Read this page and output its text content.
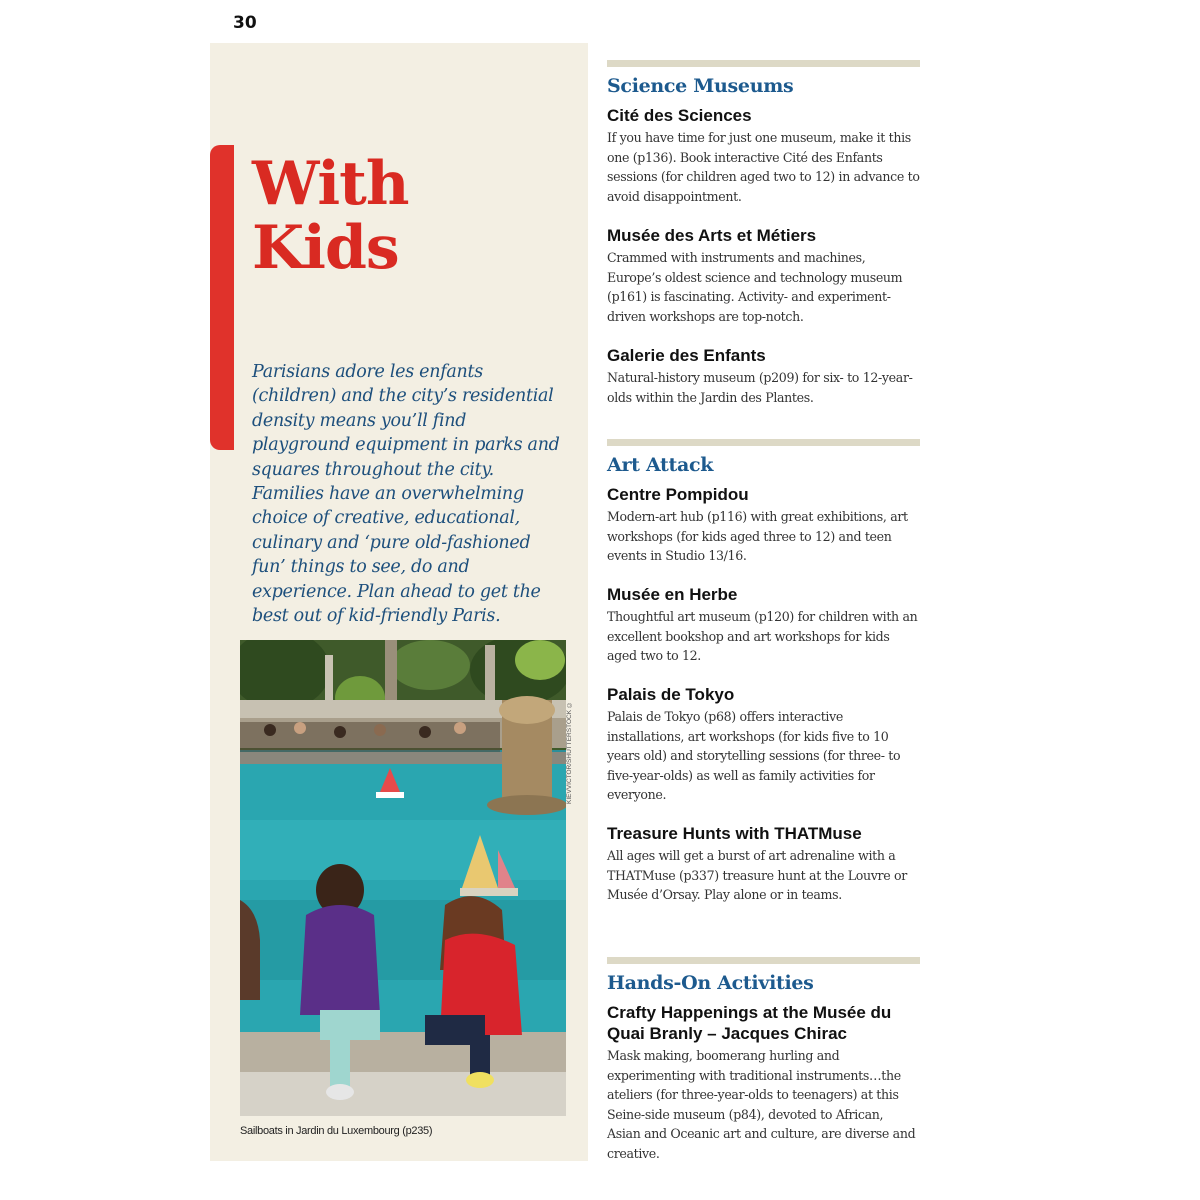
30
With
Kids

Parisians adore les enfants (children) and the city’s residential density means you’ll find playground equipment in parks and squares throughout the city. Families have an overwhelming choice of creative, educational, culinary and ‘pure old-fashioned fun’ things to see, do and experience. Plan ahead to get the best out of kid-friendly Paris.

KIEVVICTOR/SHUTTERSTOCK ©
Sailboats in Jardin du Luxembourg (p235)
Science Museums
Cité des Sciences

If you have time for just one museum, make it this one (p136). Book interactive Cité des Enfants sessions (for children aged two to 12) in advance to avoid disappointment.

Musée des Arts et Métiers

Crammed with instruments and machines, Europe’s oldest science and technology museum (p161) is fascinating. Activity- and experiment-driven workshops are top-notch.

Galerie des Enfants

Natural-history museum (p209) for six- to 12-year-olds within the Jardin des Plantes.

Art Attack
Centre Pompidou

Modern-art hub (p116) with great exhibitions, art workshops (for kids aged three to 12) and teen events in Studio 13/16.

Musée en Herbe

Thoughtful art museum (p120) for children with an excellent bookshop and art workshops for kids aged two to 12.

Palais de Tokyo

Palais de Tokyo (p68) offers interactive installations, art workshops (for kids five to 10 years old) and storytelling sessions (for three- to five-year-olds) as well as family activities for everyone.

Treasure Hunts with THATMuse

All ages will get a burst of art adrenaline with a THATMuse (p337) treasure hunt at the Louvre or Musée d’Orsay. Play alone or in teams.

Hands-On Activities
Crafty Happenings at the Musée du Quai Branly – Jacques Chirac

Mask making, boomerang hurling and experimenting with traditional instruments…the ateliers (for three-year-olds to teenagers) at this Seine-side museum (p84), devoted to African, Asian and Oceanic art and culture, are diverse and creative.
